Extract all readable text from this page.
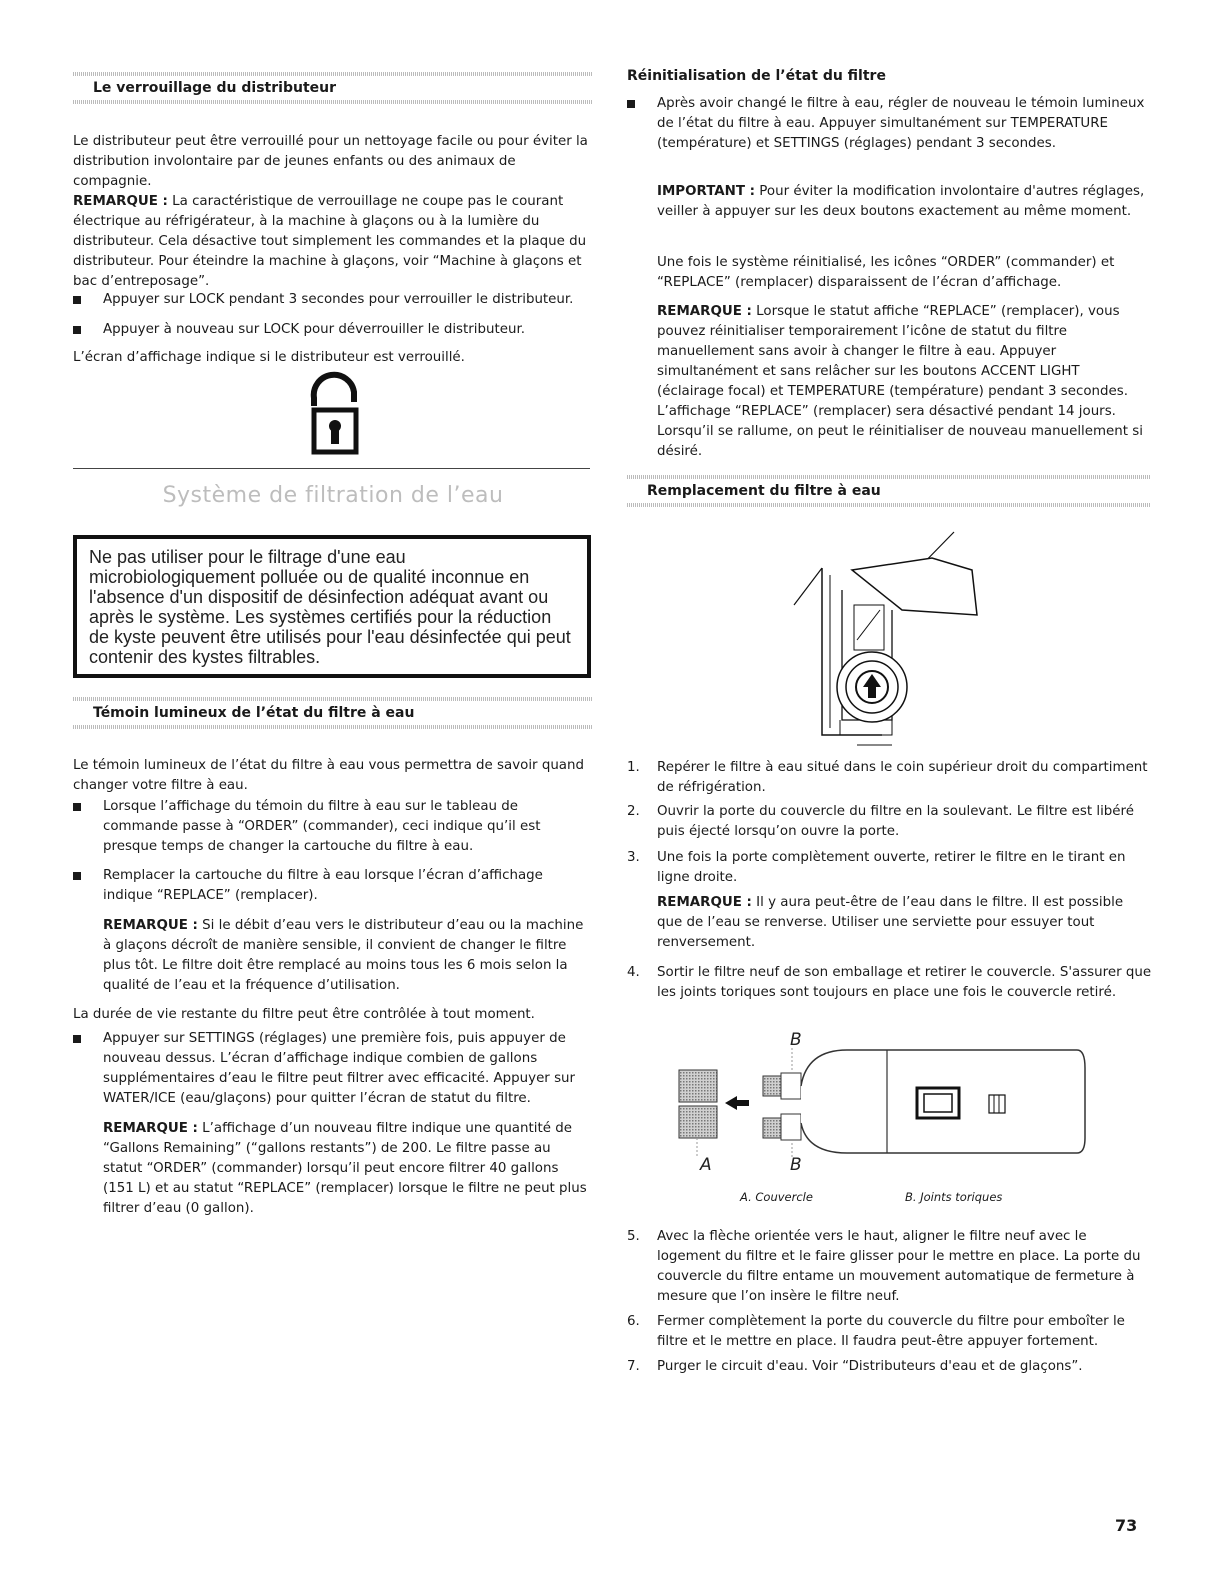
Le verrouillage du distributeur

Le distributeur peut être verrouillé pour un nettoyage facile ou pour éviter la distribution involontaire par de jeunes enfants ou des animaux de compagnie.

REMARQUE : La caractéristique de verrouillage ne coupe pas le courant électrique au réfrigérateur, à la machine à glaçons ou à la lumière du distributeur. Cela désactive tout simplement les commandes et la plaque du distributeur. Pour éteindre la machine à glaçons, voir “Machine à glaçons et bac d’entreposage”.

Appuyer sur LOCK pendant 3 secondes pour verrouiller le distributeur.
Appuyer à nouveau sur LOCK pour déverrouiller le distributeur.

L’écran d’affichage indique si le distributeur est verrouillé.

Système de filtration de l’eau
Ne pas utiliser pour le filtrage d'une eau microbiologiquement polluée ou de qualité inconnue en l'absence d'un dispositif de désinfection adéquat avant ou après le système. Les systèmes certifiés pour la réduction de kyste peuvent être utilisés pour l'eau désinfectée qui peut contenir des kystes filtrables.
Témoin lumineux de l’état du filtre à eau

Le témoin lumineux de l’état du filtre à eau vous permettra de savoir quand changer votre filtre à eau.

Lorsque l’affichage du témoin du filtre à eau sur le tableau de commande passe à “ORDER” (commander), ceci indique qu’il est presque temps de changer la cartouche du filtre à eau.
Remplacer la cartouche du filtre à eau lorsque l’écran d’affichage indique “REPLACE” (remplacer).

REMARQUE : Si le débit d’eau vers le distributeur d’eau ou la machine à glaçons décroît de manière sensible, il convient de changer le filtre plus tôt. Le filtre doit être remplacé au moins tous les 6 mois selon la qualité de l’eau et la fréquence d’utilisation.

La durée de vie restante du filtre peut être contrôlée à tout moment.

Appuyer sur SETTINGS (réglages) une première fois, puis appuyer de nouveau dessus. L’écran d’affichage indique combien de gallons supplémentaires d’eau le filtre peut filtrer avec efficacité. Appuyer sur WATER/ICE (eau/glaçons) pour quitter l’écran de statut du filtre.

REMARQUE : L’affichage d’un nouveau filtre indique une quantité de “Gallons Remaining” (“gallons restants”) de 200. Le filtre passe au statut “ORDER” (commander) lorsqu’il peut encore filtrer 40 gallons (151 L) et au statut “REPLACE” (remplacer) lorsque le filtre ne peut plus filtrer d’eau (0 gallon).

Réinitialisation de l’état du filtre
Après avoir changé le filtre à eau, régler de nouveau le témoin lumineux de l’état du filtre à eau. Appuyer simultanément sur TEMPERATURE (température) et SETTINGS (réglages) pendant 3 secondes.

IMPORTANT : Pour éviter la modification involontaire d'autres réglages, veiller à appuyer sur les deux boutons exactement au même moment.

Une fois le système réinitialisé, les icônes “ORDER” (commander) et “REPLACE” (remplacer) disparaissent de l’écran d’affichage.

REMARQUE : Lorsque le statut affiche “REPLACE” (remplacer), vous pouvez réinitialiser temporairement l’icône de statut du filtre manuellement sans avoir à changer le filtre à eau. Appuyer simultanément et sans relâcher sur les boutons ACCENT LIGHT (éclairage focal) et TEMPERATURE (température) pendant 3 secondes. L’affichage “REPLACE” (remplacer) sera désactivé pendant 14 jours. Lorsqu’il se rallume, on peut le réinitialiser de nouveau manuellement si désiré.

Remplacement du filtre à eau
1. Repérer le filtre à eau situé dans le coin supérieur droit du compartiment de réfrigération.
2. Ouvrir la porte du couvercle du filtre en la soulevant. Le filtre est libéré puis éjecté lorsqu’on ouvre la porte.
3. Une fois la porte complètement ouverte, retirer le filtre en le tirant en ligne droite.

REMARQUE : Il y aura peut-être de l’eau dans le filtre. Il est possible que de l’eau se renverse. Utiliser une serviette pour essuyer tout renversement.

4. Sortir le filtre neuf de son emballage et retirer le couvercle. S'assurer que les joints toriques sont toujours en place une fois le couvercle retiré.
B
A	B
A. Couvercle	B. Joints toriques
5. Avec la flèche orientée vers le haut, aligner le filtre neuf avec le logement du filtre et le faire glisser pour le mettre en place. La porte du couvercle du filtre entame un mouvement automatique de fermeture à mesure que l’on insère le filtre neuf.
6. Fermer complètement la porte du couvercle du filtre pour emboîter le filtre et le mettre en place. Il faudra peut-être appuyer fortement.
7. Purger le circuit d'eau. Voir “Distributeurs d'eau et de glaçons”.
73
